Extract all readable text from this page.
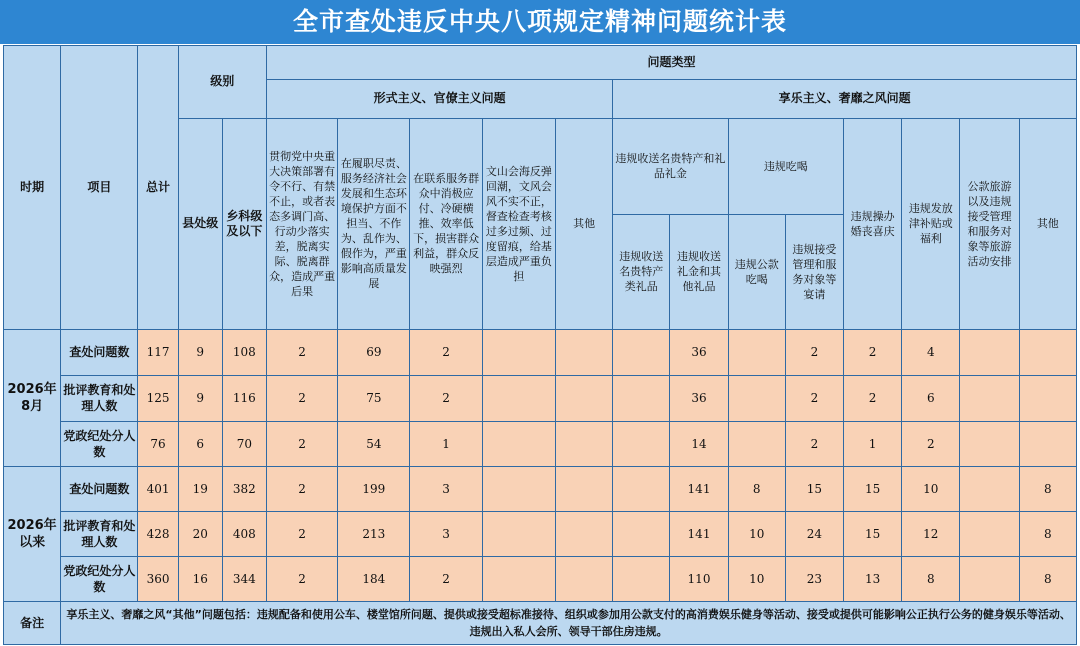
全市查处违反中央八项规定精神问题统计表
时期	项目	总计	级别		问题类型												
					形式主义、官僚主义问题					享乐主义、奢靡之风问题							
			县处级	乡科级及以下	贯彻党中央重大决策部署有令不行、有禁不止，或者表态多调门高、行动少落实差，脱离实际、脱离群众，造成严重后果	在履职尽责、服务经济社会发展和生态环境保护方面不担当、不作为、乱作为、假作为，严重影响高质量发展	在联系服务群众中消极应付、冷硬横推、效率低下，损害群众利益，群众反映强烈	文山会海反弹回潮，文风会风不实不正，督查检查考核过多过频、过度留痕，给基层造成严重负担	其他	违规收送名贵特产和礼品礼金		违规吃喝		违规操办婚丧喜庆	违规发放津补贴或福利	公款旅游以及违规接受管理和服务对象等旅游活动安排	其他
										违规收送名贵特产类礼品	违规收送礼金和其他礼品	违规公款吃喝	违规接受管理和服务对象等宴请				
2026年8月	查处问题数	117	9	108	2	69	2				36		2	2	4		
	批评教育和处理人数	125	9	116	2	75	2				36		2	2	6		
	党政纪处分人数	76	6	70	2	54	1				14		2	1	2		
2026年以来	查处问题数	401	19	382	2	199	3				141	8	15	15	10		8
	批评教育和处理人数	428	20	408	2	213	3				141	10	24	15	12		8
	党政纪处分人数	360	16	344	2	184	2				110	10	23	13	8		8
备注	享乐主义、奢靡之风“其他”问题包括：违规配备和使用公车、楼堂馆所问题、提供或接受超标准接待、组织或参加用公款支付的高消费娱乐健身等活动、接受或提供可能影响公正执行公务的健身娱乐等活动、违规出入私人会所、领导干部住房违规。																
